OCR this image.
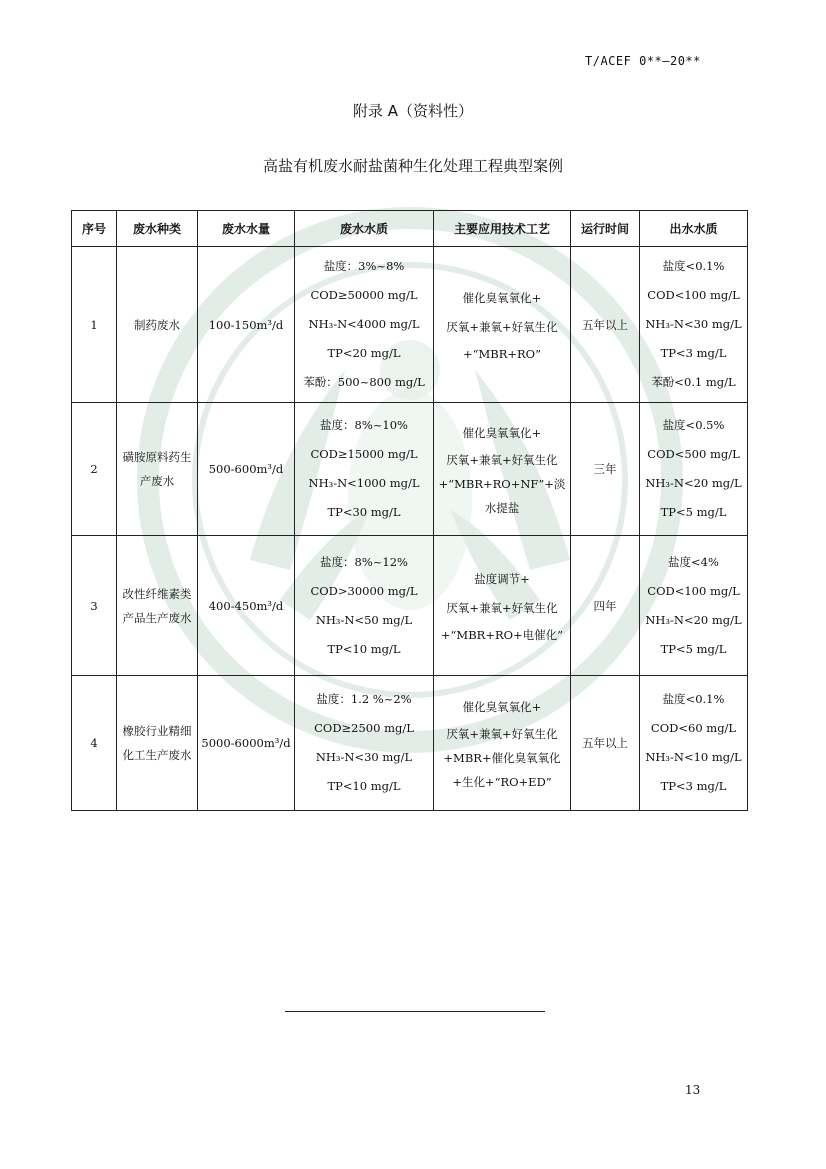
T/ACEF 0**—20**
附录 A（资料性）
高盐有机废水耐盐菌种生化处理工程典型案例
序号	废水种类	废水水量	废水水质	主要应用技术工艺	运行时间	出水水质
1	制药废水	100-150m³/d	盐度：3%~8%
COD≥50000 mg/L
NH₃-N<4000 mg/L
TP<20 mg/L
苯酚：500~800 mg/L	催化臭氧氧化+
厌氧+兼氧+好氧生化
+“MBR+RO”	五年以上	盐度<0.1%
COD<100 mg/L
NH₃-N<30 mg/L
TP<3 mg/L
苯酚<0.1 mg/L

2	磺胺原料药生产废水	500-600m³/d	盐度：8%~10%
COD≥15000 mg/L
NH₃-N<1000 mg/L
TP<30 mg/L	催化臭氧氧化+
厌氧+兼氧+好氧生化+“MBR+RO+NF”+淡水提盐	三年	盐度<0.5%
COD<500 mg/L
NH₃-N<20 mg/L
TP<5 mg/L

3	改性纤维素类产品生产废水	400-450m³/d	盐度：8%~12%
COD>30000 mg/L
NH₃-N<50 mg/L
TP<10 mg/L	盐度调节+
厌氧+兼氧+好氧生化
+“MBR+RO+电催化”	四年	盐度<4%
COD<100 mg/L
NH₃-N<20 mg/L
TP<5 mg/L

4	橡胶行业精细化工生产废水	5000-6000m³/d	盐度：1.2 %~2%
COD≥2500 mg/L
NH₃-N<30 mg/L
TP<10 mg/L	催化臭氧氧化+
厌氧+兼氧+好氧生化+MBR+催化臭氧氧化+生化+“RO+ED”	五年以上	盐度<0.1%
COD<60 mg/L
NH₃-N<10 mg/L
TP<3 mg/L
13
